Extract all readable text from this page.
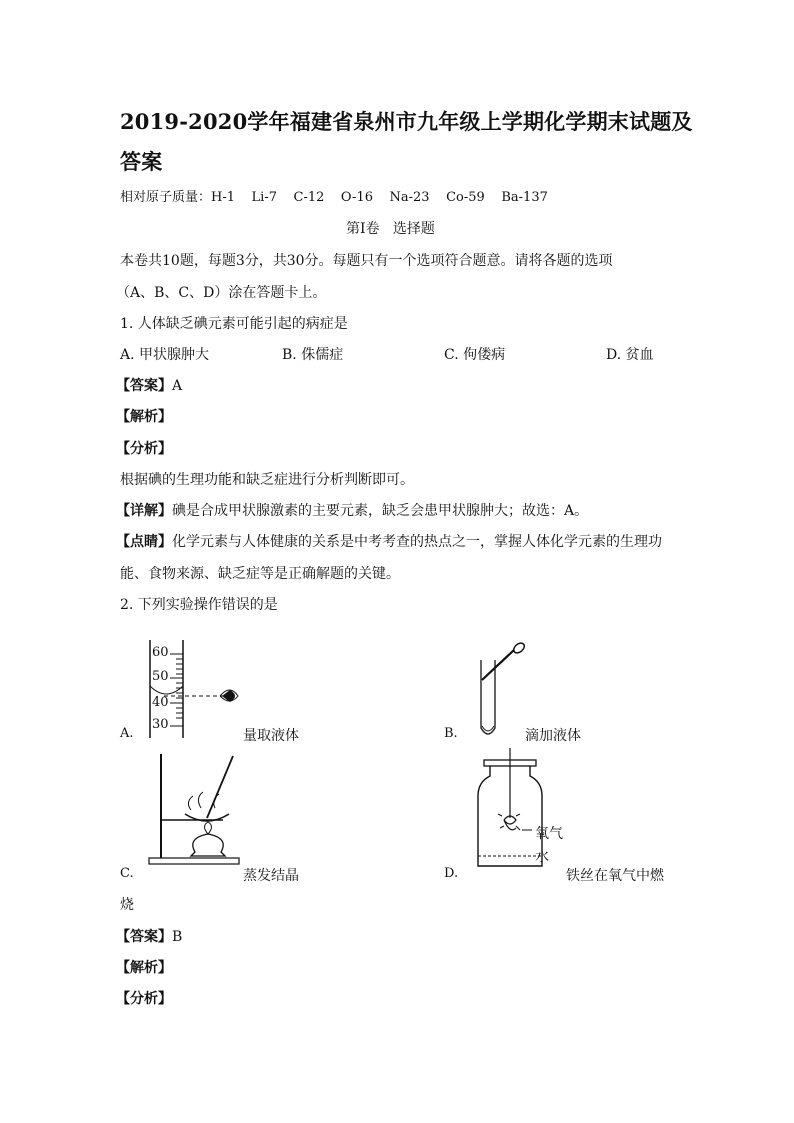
2019-2020学年福建省泉州市九年级上学期化学期末试题及
答案
相对原子质量：H-1    Li-7    C-12    O-16    Na-23    Co-59    Ba-137
第Ⅰ卷   选择题
本卷共10题，每题3分，共30分。每题只有一个选项符合题意。请将各题的选项
（A、B、C、D）涂在答题卡上。
1. 人体缺乏碘元素可能引起的病症是
A. 甲状腺肿大	B. 侏儒症	C. 佝偻病	D. 贫血
【答案】A
【解析】
【分析】
根据碘的生理功能和缺乏症进行分析判断即可。
【详解】碘是合成甲状腺激素的主要元素，缺乏会患甲状腺肿大；故选：A。
【点睛】化学元素与人体健康的关系是中考考查的热点之一，掌握人体化学元素的生理功
能、食物来源、缺乏症等是正确解题的关键。
2. 下列实验操作错误的是
60
50
40
30
A.	量取液体	B.	滴加液体
C.	蒸发结晶
氧气
水
D.	铁丝在氧气中燃
烧
【答案】B
【解析】
【分析】
